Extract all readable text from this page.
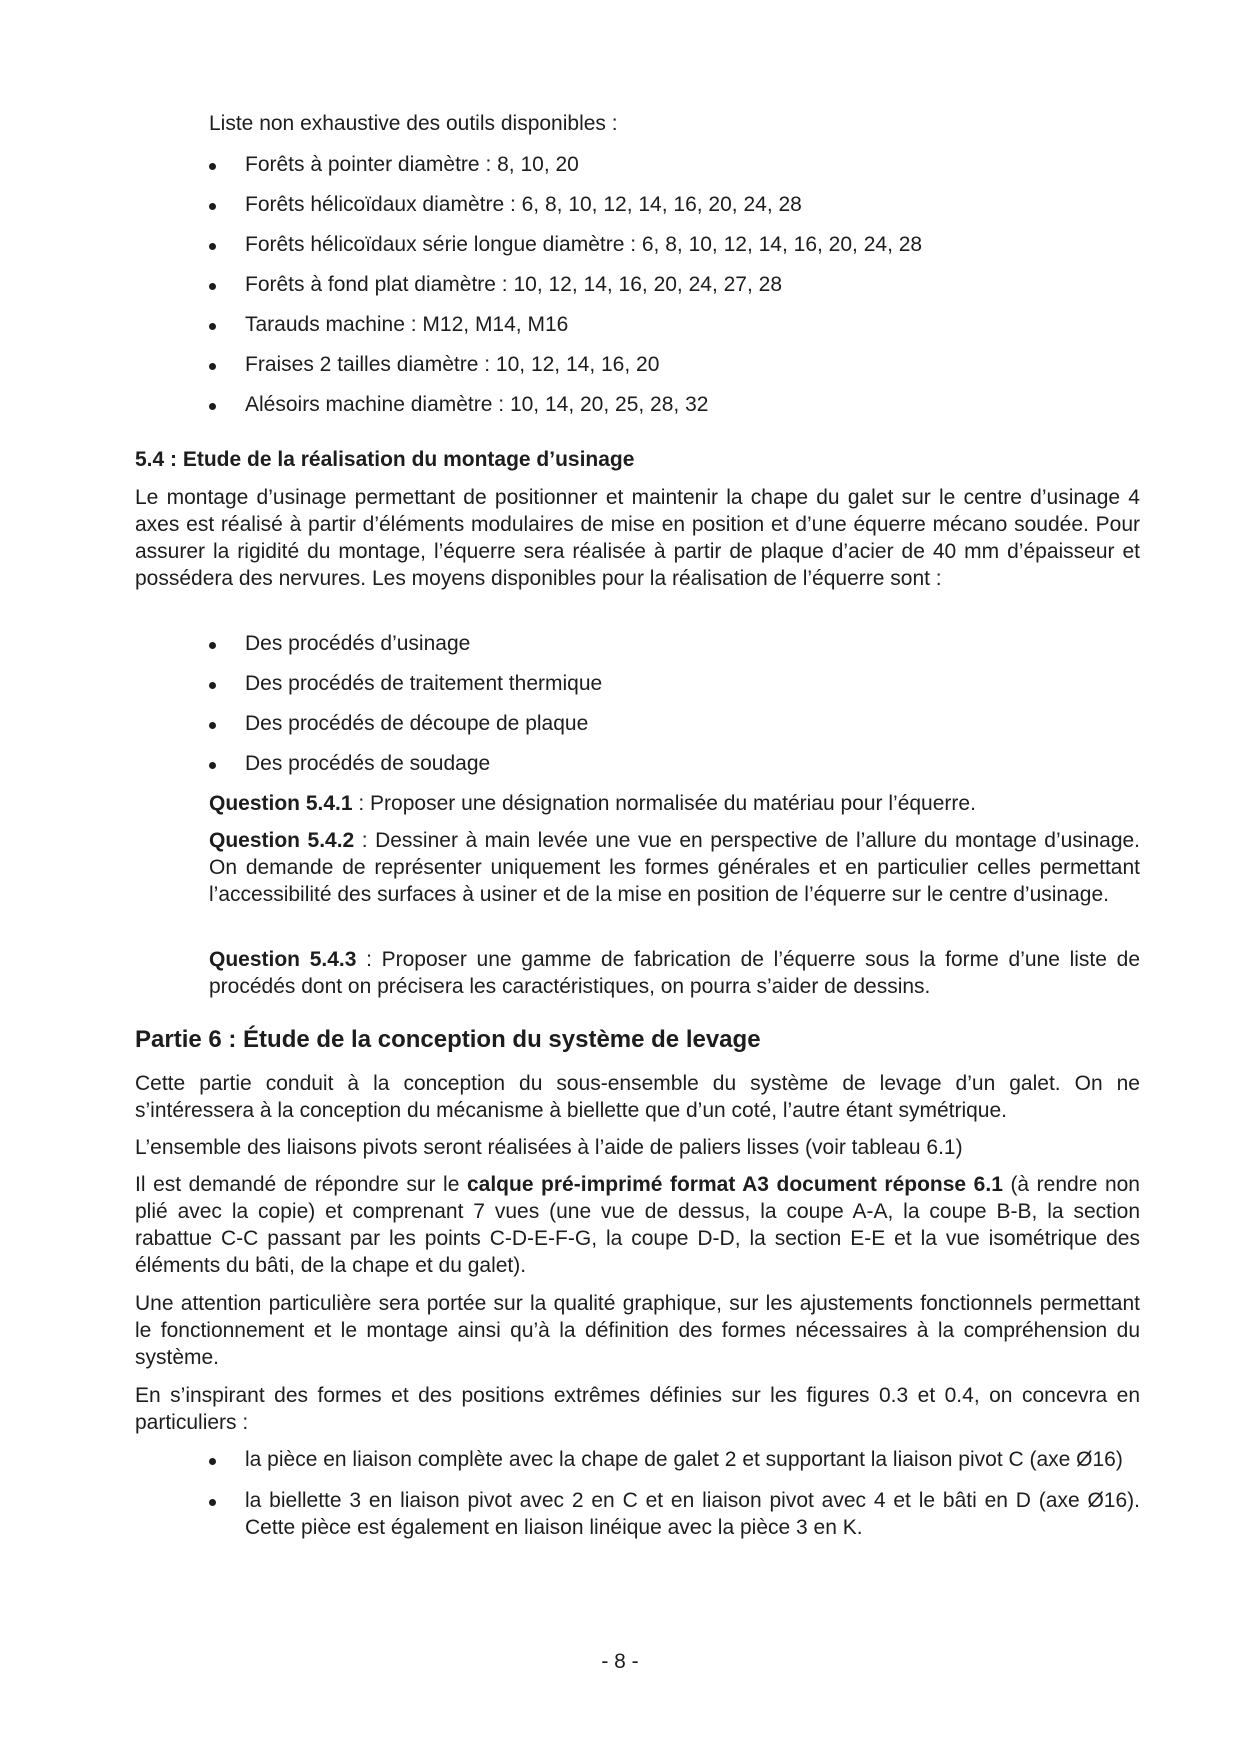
Liste non exhaustive des outils disponibles :
Forêts à pointer diamètre : 8, 10, 20
Forêts hélicoïdaux diamètre : 6, 8, 10, 12, 14, 16, 20, 24, 28
Forêts hélicoïdaux série longue diamètre : 6, 8, 10, 12, 14, 16, 20, 24, 28
Forêts à fond plat diamètre : 10, 12, 14, 16, 20, 24, 27, 28
Tarauds machine : M12, M14, M16
Fraises 2 tailles diamètre : 10, 12, 14, 16, 20
Alésoirs machine diamètre : 10, 14, 20, 25, 28, 32
5.4 : Etude de la réalisation du montage d’usinage
Le montage d’usinage permettant de positionner et maintenir la chape du galet sur le centre d’usinage 4 axes est réalisé à partir d’éléments modulaires de mise en position et d’une équerre mécano soudée. Pour assurer la rigidité du montage, l’équerre sera réalisée à partir de plaque d’acier de 40 mm d’épaisseur et possédera des nervures. Les moyens disponibles pour la réalisation de l’équerre sont :
Des procédés d’usinage
Des procédés de traitement thermique
Des procédés de découpe de plaque
Des procédés de soudage
Question 5.4.1 : Proposer une désignation normalisée du matériau pour l’équerre.
Question 5.4.2 : Dessiner à main levée une vue en perspective de l’allure du montage d’usinage. On demande de représenter uniquement les formes générales et en particulier celles permettant l’accessibilité des surfaces à usiner et de la mise en position de l’équerre sur le centre d’usinage.
Question 5.4.3 : Proposer une gamme de fabrication de l’équerre sous la forme d’une liste de procédés dont on précisera les caractéristiques, on pourra s’aider de dessins.
Partie 6 : Étude de la conception du système de levage
Cette partie conduit à la conception du sous-ensemble du système de levage d’un galet. On ne s’intéressera à la conception du mécanisme à biellette que d’un coté, l’autre étant symétrique.
L’ensemble des liaisons pivots seront réalisées à l’aide de paliers lisses (voir tableau 6.1)
Il est demandé de répondre sur le calque pré-imprimé format A3 document réponse 6.1 (à rendre non plié avec la copie) et comprenant 7 vues (une vue de dessus, la coupe A-A, la coupe B-B, la section rabattue C-C passant par les points C-D-E-F-G, la coupe D-D, la section E-E et la vue isométrique des éléments du bâti, de la chape et du galet).
Une attention particulière sera portée sur la qualité graphique, sur les ajustements fonctionnels permettant le fonctionnement et le montage ainsi qu’à la définition des formes nécessaires à la compréhension du système.
En s’inspirant des formes et des positions extrêmes définies sur les figures 0.3 et 0.4, on concevra en particuliers :
la pièce en liaison complète avec la chape de galet 2 et supportant la liaison pivot C (axe Ø16)
la biellette 3 en liaison pivot avec 2 en C et en liaison pivot avec 4 et le bâti en D (axe Ø16). Cette pièce est également en liaison linéique avec la pièce 3 en K.
- 8 -
